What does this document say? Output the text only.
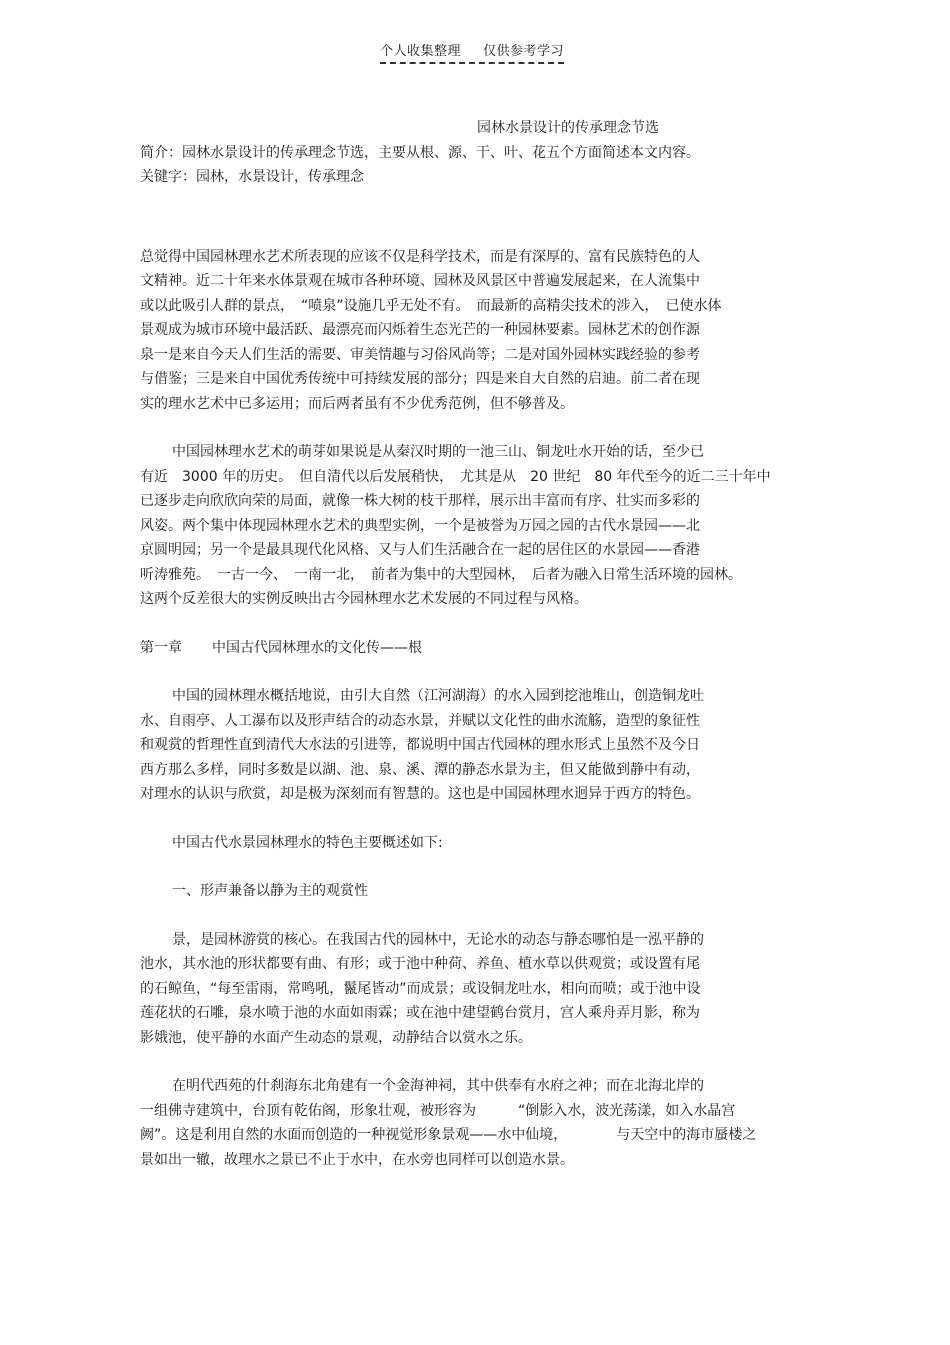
个人收集整理 仅供参考学习
园林水景设计的传承理念节选
简介：园林水景设计的传承理念节选，主要从根、源、干、叶、花五个方面简述本文内容。
关键字：园林，水景设计，传承理念
总觉得中国园林理水艺术所表现的应该不仅是科学技术，而是有深厚的、富有民族特色的人
文精神。近二十年来水体景观在城市各种环境、园林及风景区中普遍发展起来，在人流集中
或以此吸引人群的景点，　“喷泉”设施几乎无处不有。　而最新的高精尖技术的涉入，　已使水体
景观成为城市环境中最活跃、最漂亮而闪烁着生态光芒的一种园林要素。园林艺术的创作源
泉一是来自今天人们生活的需要、审美情趣与习俗风尚等；二是对国外园林实践经验的参考
与借鉴；三是来自中国优秀传统中可持续发展的部分；四是来自大自然的启迪。前二者在现
实的理水艺术中已多运用；而后两者虽有不少优秀范例，但不够普及。
中国园林理水艺术的萌芽如果说是从秦汉时期的一池三山、铜龙吐水开始的话，至少已
有近　3000 年的历史。　但自清代以后发展稍快，　尤其是从　20 世纪　80 年代至今的近二三十年中
已逐步走向欣欣向荣的局面，就像一株大树的枝干那样，展示出丰富而有序、壮实而多彩的
风姿。两个集中体现园林理水艺术的典型实例，一个是被誉为万园之园的古代水景园——北
京圆明园；另一个是最具现代化风格、又与人们生活融合在一起的居住区的水景园——香港
听涛雅苑。　一古一今、　一南一北，　前者为集中的大型园林，　后者为融入日常生活环境的园林。
这两个反差很大的实例反映出古今园林理水艺术发展的不同过程与风格。
第一章 中国古代园林理水的文化传——根
中国的园林理水概括地说，由引大自然（江河湖海）的水入园到挖池堆山，创造铜龙吐
水、自雨亭、人工瀑布以及形声结合的动态水景，并赋以文化性的曲水流觞，造型的象征性
和观赏的哲理性直到清代大水法的引进等，都说明中国古代园林的理水形式上虽然不及今日
西方那么多样，同时多数是以湖、池、泉、溪、潭的静态水景为主，但又能做到静中有动，
对理水的认识与欣赏，却是极为深刻而有智慧的。这也是中国园林理水迥异于西方的特色。
中国古代水景园林理水的特色主要概述如下:
一、形声兼备以静为主的观赏性
景，是园林游赏的核心。在我国古代的园林中，无论水的动态与静态哪怕是一泓平静的
池水，其水池的形状都要有曲、有形；或于池中种荷、养鱼、植水草以供观赏；或设置有尾
的石鲸鱼，“每至雷雨，常鸣吼，鬣尾皆动”而成景；或设铜龙吐水，相向而喷；或于池中设
莲花状的石雕，泉水喷于池的水面如雨霖；或在池中建望鹤台赏月，宫人乘舟弄月影，称为
影娥池，使平静的水面产生动态的景观，动静结合以赏水之乐。
在明代西苑的什刹海东北角建有一个金海神祠，其中供奉有水府之神；而在北海北岸的
一组佛寺建筑中，台顶有乾佑阁，形象壮观，被形容为　　　“倒影入水，波光荡漾，如入水晶宫
阙”。这是利用自然的水面而创造的一种视觉形象景观——水中仙境，　　　　与天空中的海市蜃楼之
景如出一辙，故理水之景已不止于水中，在水旁也同样可以创造水景。
